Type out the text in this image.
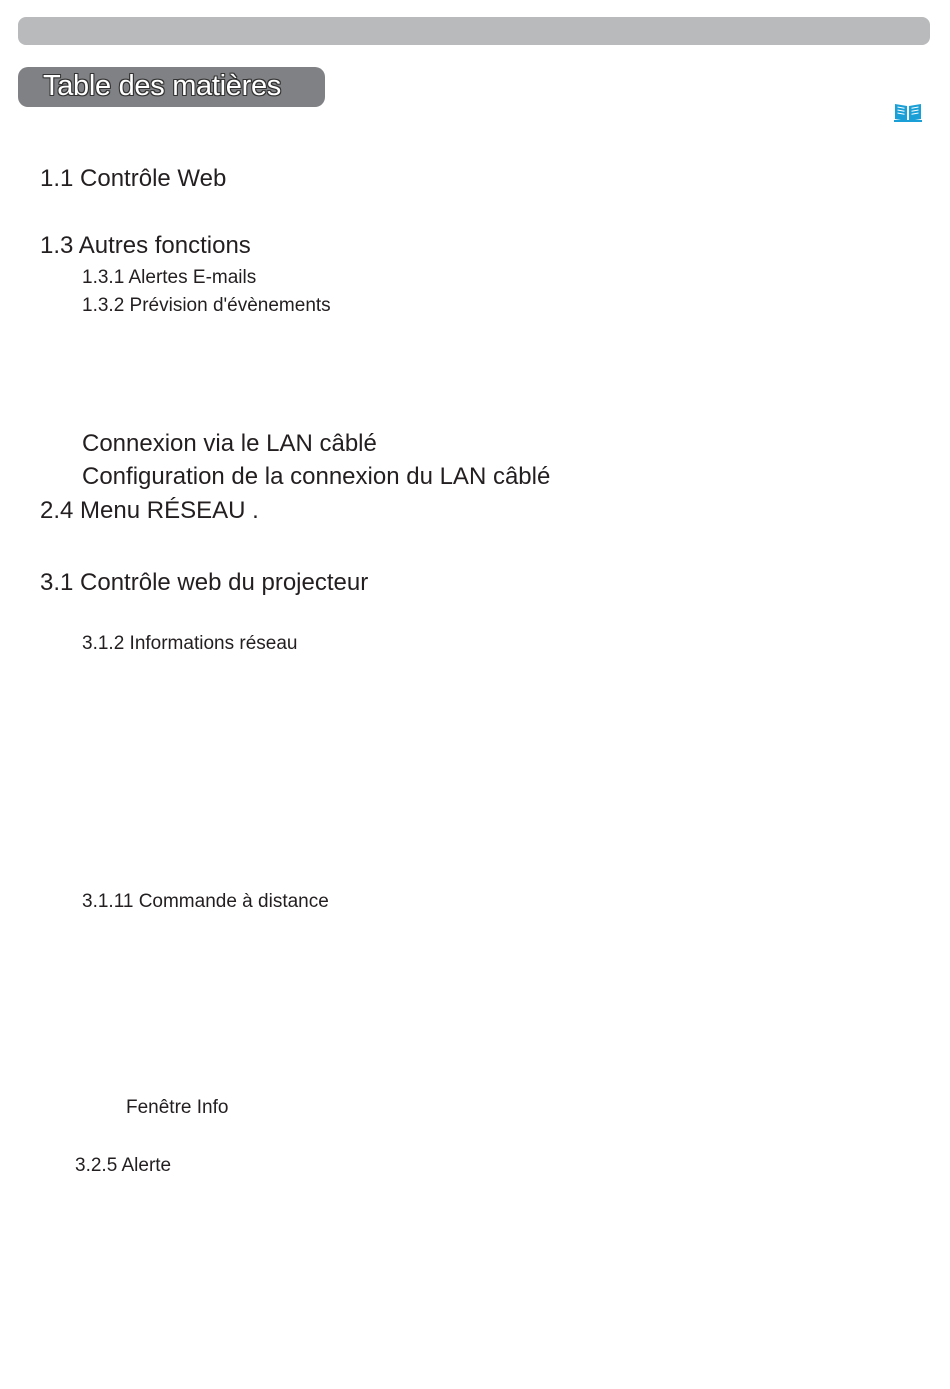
Table des matières
1.1 Contrôle Web
1.3 Autres fonctions
1.3.1 Alertes E-mails
1.3.2 Prévision d'évènements
Connexion via le LAN câblé
Configuration de la connexion du LAN câblé
2.4 Menu RÉSEAU .
3.1 Contrôle web du projecteur
3.1.2 Informations réseau
3.1.11 Commande à distance
Fenêtre Info
3.2.5 Alerte
